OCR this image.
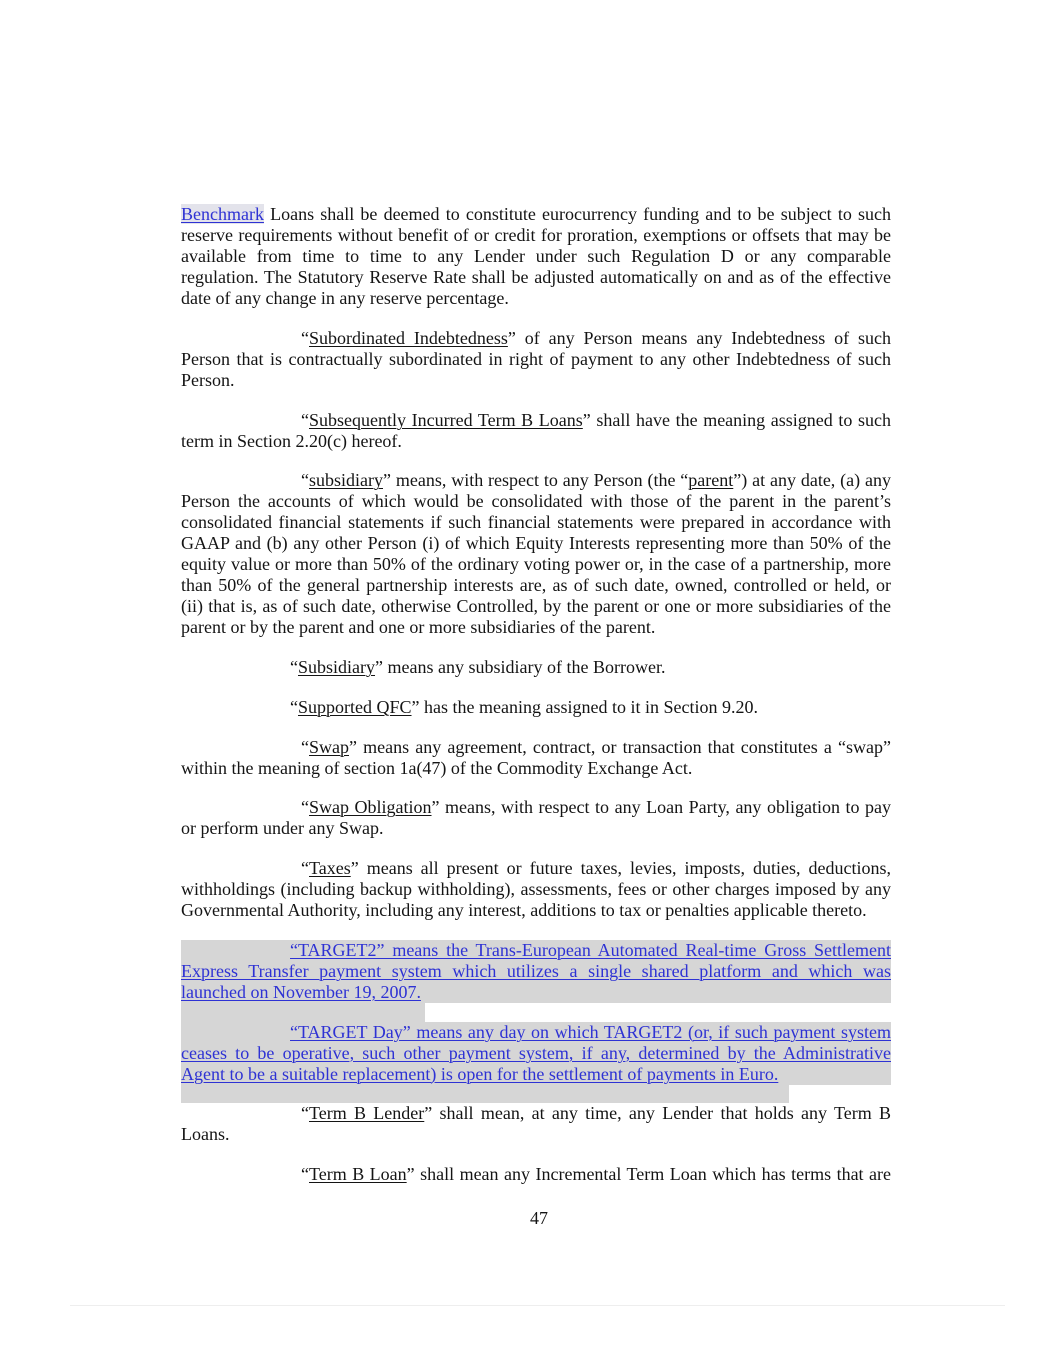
Benchmark Loans shall be deemed to constitute eurocurrency funding and to be subject to such
reserve requirements without benefit of or credit for proration, exemptions or offsets that may be
available from time to time to any Lender under such Regulation D or any comparable
regulation. The Statutory Reserve Rate shall be adjusted automatically on and as of the effective
date of any change in any reserve percentage.
“Subordinated Indebtedness” of any Person means any Indebtedness of such
Person that is contractually subordinated in right of payment to any other Indebtedness of such
Person.
“Subsequently Incurred Term B Loans” shall have the meaning assigned to such
term in Section 2.20(c) hereof.
“subsidiary” means, with respect to any Person (the “parent”) at any date, (a) any
Person the accounts of which would be consolidated with those of the parent in the parent’s
consolidated financial statements if such financial statements were prepared in accordance with
GAAP and (b) any other Person (i) of which Equity Interests representing more than 50% of the
equity value or more than 50% of the ordinary voting power or, in the case of a partnership, more
than 50% of the general partnership interests are, as of such date, owned, controlled or held, or
(ii) that is, as of such date, otherwise Controlled, by the parent or one or more subsidiaries of the
parent or by the parent and one or more subsidiaries of the parent.
“Subsidiary” means any subsidiary of the Borrower.
“Supported QFC” has the meaning assigned to it in Section 9.20.
“Swap” means any agreement, contract, or transaction that constitutes a “swap”
within the meaning of section 1a(47) of the Commodity Exchange Act.
“Swap Obligation” means, with respect to any Loan Party, any obligation to pay
or perform under any Swap.
“Taxes” means all present or future taxes, levies, imposts, duties, deductions,
withholdings (including backup withholding), assessments, fees or other charges imposed by any
Governmental Authority, including any interest, additions to tax or penalties applicable thereto.
“TARGET2” means the Trans-European Automated Real-time Gross Settlement
Express Transfer payment system which utilizes a single shared platform and which was
launched on November 19, 2007.
“TARGET Day” means any day on which TARGET2 (or, if such payment system
ceases to be operative, such other payment system, if any, determined by the Administrative
Agent to be a suitable replacement) is open for the settlement of payments in Euro.
“Term B Lender” shall mean, at any time, any Lender that holds any Term B
Loans.
“Term B Loan” shall mean any Incremental Term Loan which has terms that are
47
